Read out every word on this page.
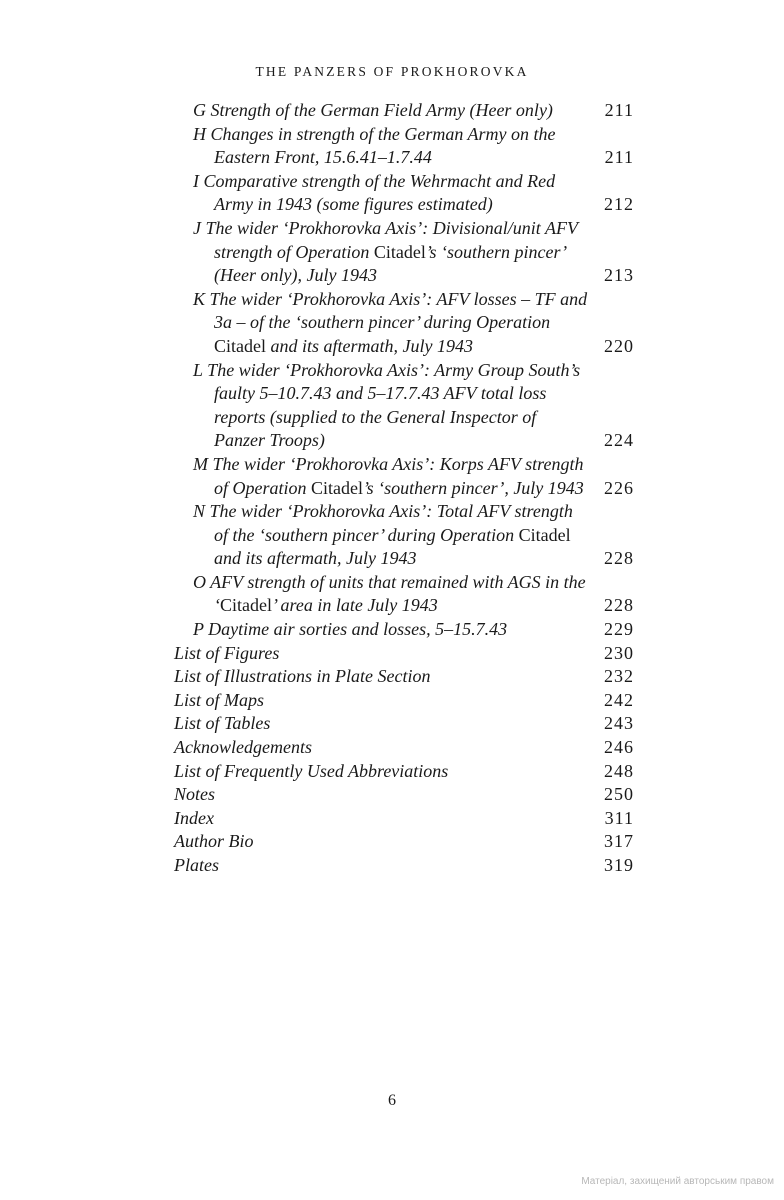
THE PANZERS OF PROKHOROVKA
G Strength of the German Field Army (Heer only)	211
H Changes in strength of the German Army on the Eastern Front, 15.6.41–1.7.44	211
I Comparative strength of the Wehrmacht and Red Army in 1943 (some figures estimated)	212
J The wider ‘Prokhorovka Axis’: Divisional/unit AFV strength of Operation Citadel’s ‘southern pincer’ (Heer only), July 1943	213
K The wider ‘Prokhorovka Axis’: AFV losses – TF and 3a – of the ‘southern pincer’ during Operation Citadel and its aftermath, July 1943	220
L The wider ‘Prokhorovka Axis’: Army Group South’s faulty 5–10.7.43 and 5–17.7.43 AFV total loss reports (supplied to the General Inspector of Panzer Troops)	224
M The wider ‘Prokhorovka Axis’: Korps AFV strength of Operation Citadel’s ‘southern pincer’, July 1943	226
N The wider ‘Prokhorovka Axis’: Total AFV strength of the ‘southern pincer’ during Operation Citadel and its aftermath, July 1943	228
O AFV strength of units that remained with AGS in the ‘Citadel’ area in late July 1943	228
P Daytime air sorties and losses, 5–15.7.43	229
List of Figures	230
List of Illustrations in Plate Section	232
List of Maps	242
List of Tables	243
Acknowledgements	246
List of Frequently Used Abbreviations	248
Notes	250
Index	311
Author Bio	317
Plates	319
6
Матеріал, захищений авторським правом
